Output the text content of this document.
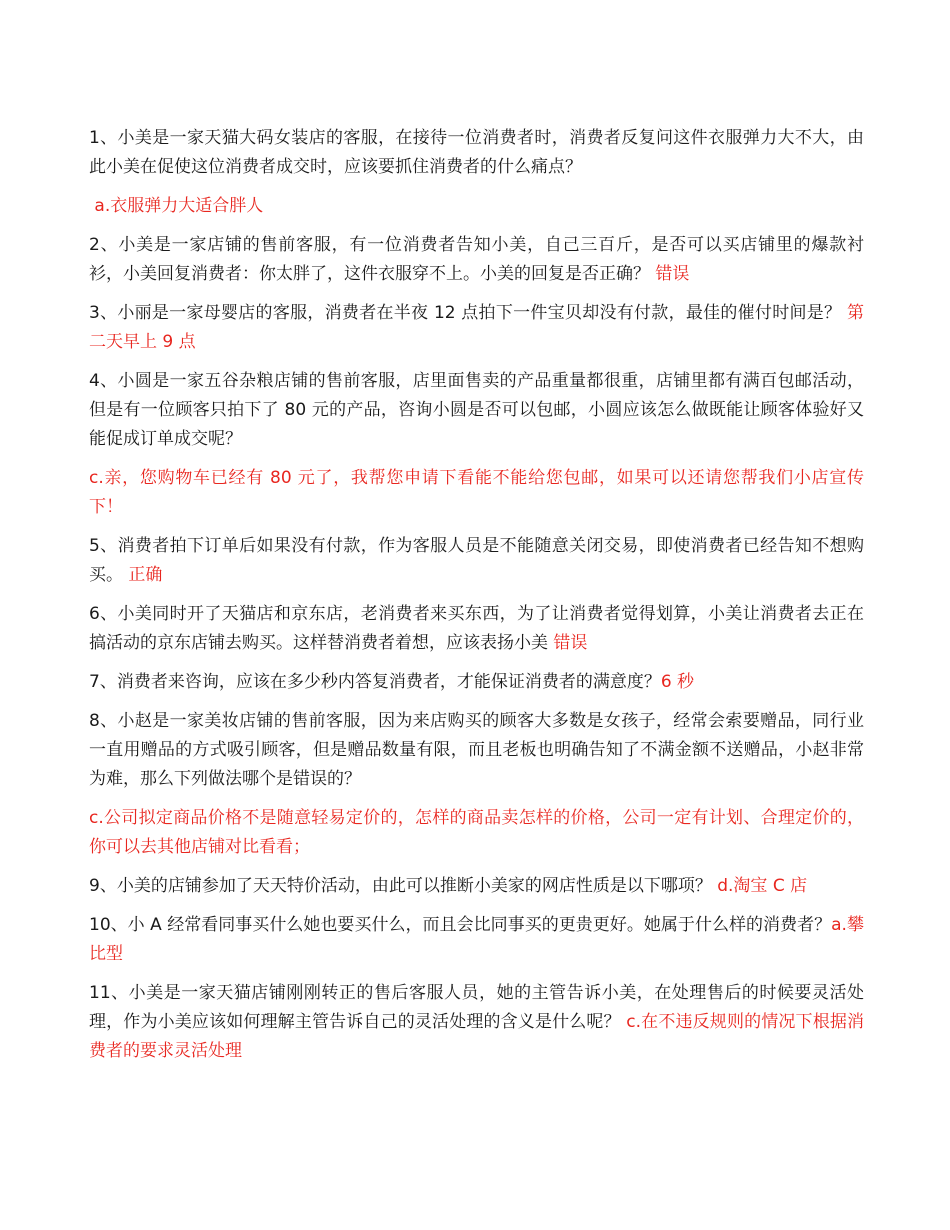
1、小美是一家天猫大码女装店的客服，在接待一位消费者时，消费者反复问这件衣服弹力大不大，由此小美在促使这位消费者成交时，应该要抓住消费者的什么痛点？

a.衣服弹力大适合胖人

2、小美是一家店铺的售前客服，有一位消费者告知小美，自己三百斤，是否可以买店铺里的爆款衬衫，小美回复消费者：你太胖了，这件衣服穿不上。小美的回复是否正确？ 错误

3、小丽是一家母婴店的客服，消费者在半夜 12 点拍下一件宝贝却没有付款，最佳的催付时间是？ 第二天早上 9 点

4、小圆是一家五谷杂粮店铺的售前客服，店里面售卖的产品重量都很重，店铺里都有满百包邮活动，但是有一位顾客只拍下了 80 元的产品，咨询小圆是否可以包邮，小圆应该怎么做既能让顾客体验好又能促成订单成交呢？

c.亲，您购物车已经有 80 元了，我帮您申请下看能不能给您包邮，如果可以还请您帮我们小店宣传下！

5、消费者拍下订单后如果没有付款，作为客服人员是不能随意关闭交易，即使消费者已经告知不想购买。 正确

6、小美同时开了天猫店和京东店，老消费者来买东西，为了让消费者觉得划算，小美让消费者去正在搞活动的京东店铺去购买。这样替消费者着想，应该表扬小美 错误

7、消费者来咨询，应该在多少秒内答复消费者，才能保证消费者的满意度？6 秒

8、小赵是一家美妆店铺的售前客服，因为来店购买的顾客大多数是女孩子，经常会索要赠品，同行业一直用赠品的方式吸引顾客，但是赠品数量有限，而且老板也明确告知了不满金额不送赠品，小赵非常为难，那么下列做法哪个是错误的？

c.公司拟定商品价格不是随意轻易定价的，怎样的商品卖怎样的价格，公司一定有计划、合理定价的，你可以去其他店铺对比看看；

9、小美的店铺参加了天天特价活动，由此可以推断小美家的网店性质是以下哪项？ d.淘宝 C 店

10、小 A 经常看同事买什么她也要买什么，而且会比同事买的更贵更好。她属于什么样的消费者？a.攀比型

11、小美是一家天猫店铺刚刚转正的售后客服人员，她的主管告诉小美，在处理售后的时候要灵活处理，作为小美应该如何理解主管告诉自己的灵活处理的含义是什么呢？ c.在不违反规则的情况下根据消费者的要求灵活处理
